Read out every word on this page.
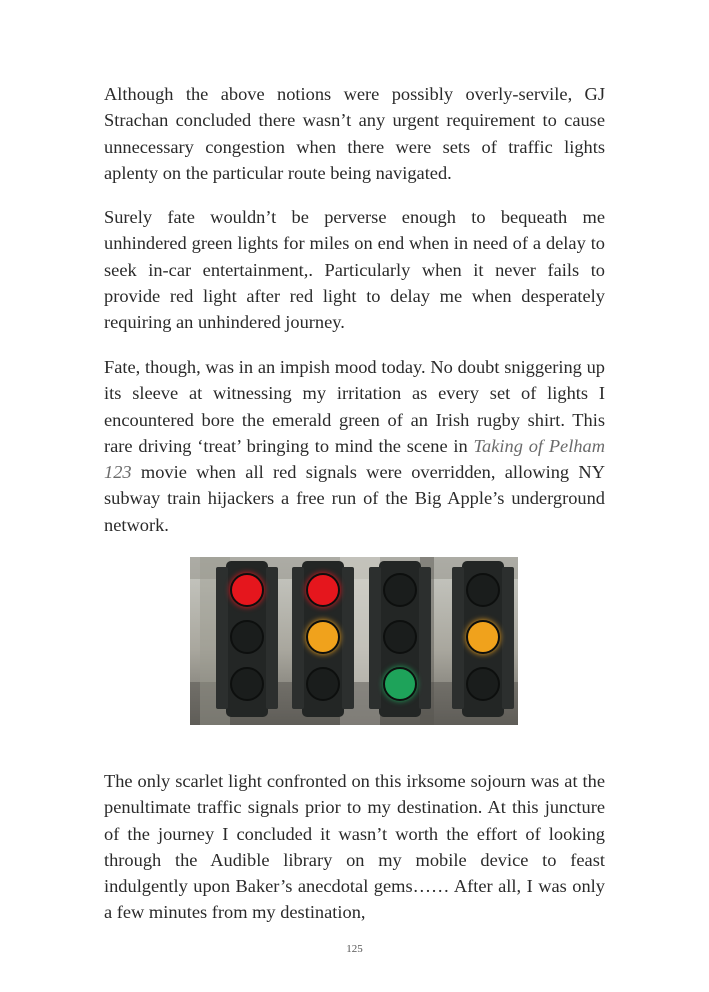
Although the above notions were possibly overly-servile, GJ Strachan concluded there wasn’t any urgent requirement to cause unnecessary congestion when there were sets of traffic lights aplenty on the particular route being navigated.

Surely fate wouldn’t be perverse enough to bequeath me unhindered green lights for miles on end when in need of a delay to seek in-car entertainment,. Particularly when it never fails to provide red light after red light to delay me when desperately requiring an unhindered journey.

Fate, though, was in an impish mood today. No doubt sniggering up its sleeve at witnessing my irritation as every set of lights I encountered bore the emerald green of an Irish rugby shirt. This rare driving ‘treat’ bringing to mind the scene in Taking of Pelham 123 movie when all red signals were overridden, allowing NY subway train hijackers a free run of the Big Apple’s underground network.

The only scarlet light confronted on this irksome sojourn was at the penultimate traffic signals prior to my destination. At this juncture of the journey I concluded it wasn’t worth the effort of looking through the Audible library on my mobile device to feast indulgently upon Baker’s anecdotal gems…… After all, I was only a few minutes from my destination,

125
